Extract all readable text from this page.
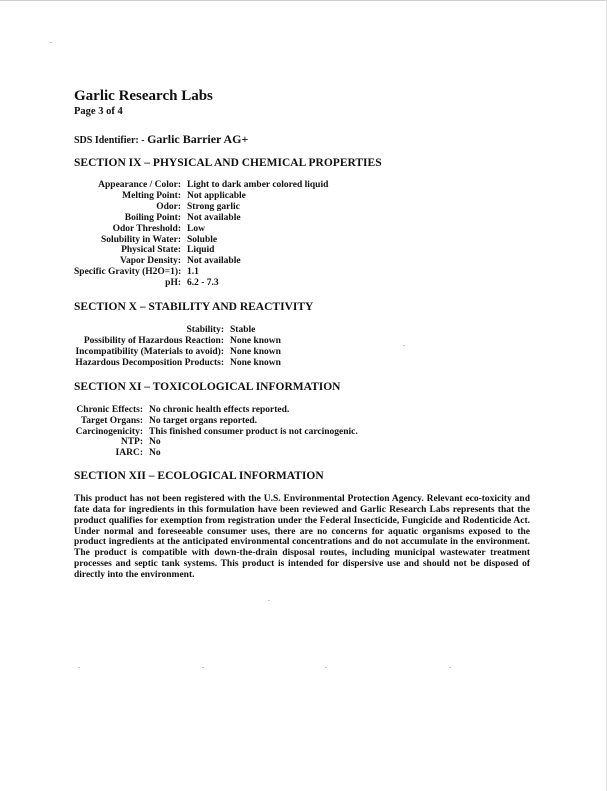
Garlic Research Labs
Page 3 of 4
SDS Identifier: - Garlic Barrier AG+
SECTION IX – PHYSICAL AND CHEMICAL PROPERTIES
Appearance / Color: Light to dark amber colored liquid
Melting Point: Not applicable
Odor: Strong garlic
Boiling Point: Not available
Odor Threshold: Low
Solubility in Water: Soluble
Physical State: Liquid
Vapor Density: Not available
Specific Gravity (H2O=1): 1.1
pH: 6.2 - 7.3
SECTION X – STABILITY AND REACTIVITY
Stability: Stable
Possibility of Hazardous Reaction: None known
Incompatibility (Materials to avoid): None known
Hazardous Decomposition Products: None known
SECTION XI – TOXICOLOGICAL INFORMATION
Chronic Effects: No chronic health effects reported.
Target Organs: No target organs reported.
Carcinogenicity: This finished consumer product is not carcinogenic.
NTP: No
IARC: No
SECTION XII – ECOLOGICAL INFORMATION

This product has not been registered with the U.S. Environmental Protection Agency. Relevant eco-toxicity and fate data for ingredients in this formulation have been reviewed and Garlic Research Labs represents that the product qualifies for exemption from registration under the Federal Insecticide, Fungicide and Rodenticide Act. Under normal and foreseeable consumer uses, there are no concerns for aquatic organisms exposed to the product ingredients at the anticipated environmental concentrations and do not accumulate in the environment. The product is compatible with down-the-drain disposal routes, including municipal wastewater treatment processes and septic tank systems. This product is intended for dispersive use and should not be disposed of directly into the environment.
